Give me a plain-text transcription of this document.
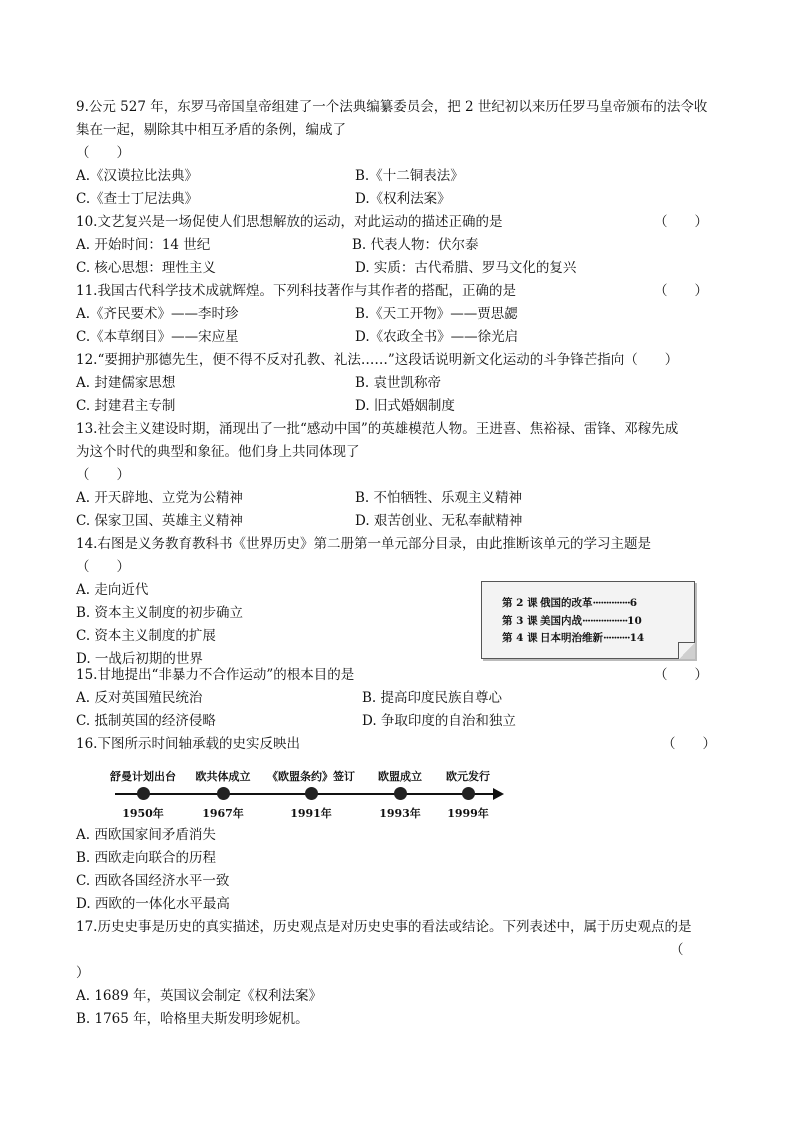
9.公元 527 年，东罗马帝国皇帝组建了一个法典编纂委员会，把 2 世纪初以来历任罗马皇帝颁布的法令收
集在一起，剔除其中相互矛盾的条例，编成了
（　　）
A.《汉谟拉比法典》	B.《十二铜表法》
C.《查士丁尼法典》	D.《权利法案》
10.文艺复兴是一场促使人们思想解放的运动，对此运动的描述正确的是	（　　）
A. 开始时间：14 世纪	B. 代表人物：伏尔泰
C. 核心思想：理性主义	D. 实质：古代希腊、罗马文化的复兴
11.我国古代科学技术成就辉煌。下列科技著作与其作者的搭配，正确的是	（　　）
A.《齐民要术》——李时珍	B.《天工开物》——贾思勰
C.《本草纲目》——宋应星	D.《农政全书》——徐光启
12.“要拥护那德先生，便不得不反对孔教、礼法……”这段话说明新文化运动的斗争锋芒指向（　　）
A. 封建儒家思想	B. 袁世凯称帝
C. 封建君主专制	D. 旧式婚姻制度
13.社会主义建设时期，涌现出了一批“感动中国”的英雄模范人物。王进喜、焦裕禄、雷锋、邓稼先成
为这个时代的典型和象征。他们身上共同体现了
（　　）
A. 开天辟地、立党为公精神	B. 不怕牺牲、乐观主义精神
C. 保家卫国、英雄主义精神	D. 艰苦创业、无私奉献精神
14.右图是义务教育教科书《世界历史》第二册第一单元部分目录，由此推断该单元的学习主题是
（　　）
A. 走向近代
B. 资本主义制度的初步确立
C. 资本主义制度的扩展
D. 一战后初期的世界
第 2 课 俄国的改革··············6
第 3 课 美国内战·················10
第 4 课 日本明治维新··········14
15.甘地提出“非暴力不合作运动”的根本目的是	（　　）
A. 反对英国殖民统治	B. 提高印度民族自尊心
C. 抵制英国的经济侵略	D. 争取印度的自治和独立
16.下图所示时间轴承载的史实反映出	（　　）
舒曼计划出台
1950年
欧共体成立
1967年
《欧盟条约》签订
1991年
欧盟成立
1993年
欧元发行
1999年
A. 西欧国家间矛盾消失
B. 西欧走向联合的历程
C. 西欧各国经济水平一致
D. 西欧的一体化水平最高
17.历史史事是历史的真实描述，历史观点是对历史史事的看法或结论。下列表述中，属于历史观点的是
（
）
A. 1689 年，英国议会制定《权利法案》
B. 1765 年，哈格里夫斯发明珍妮机。
